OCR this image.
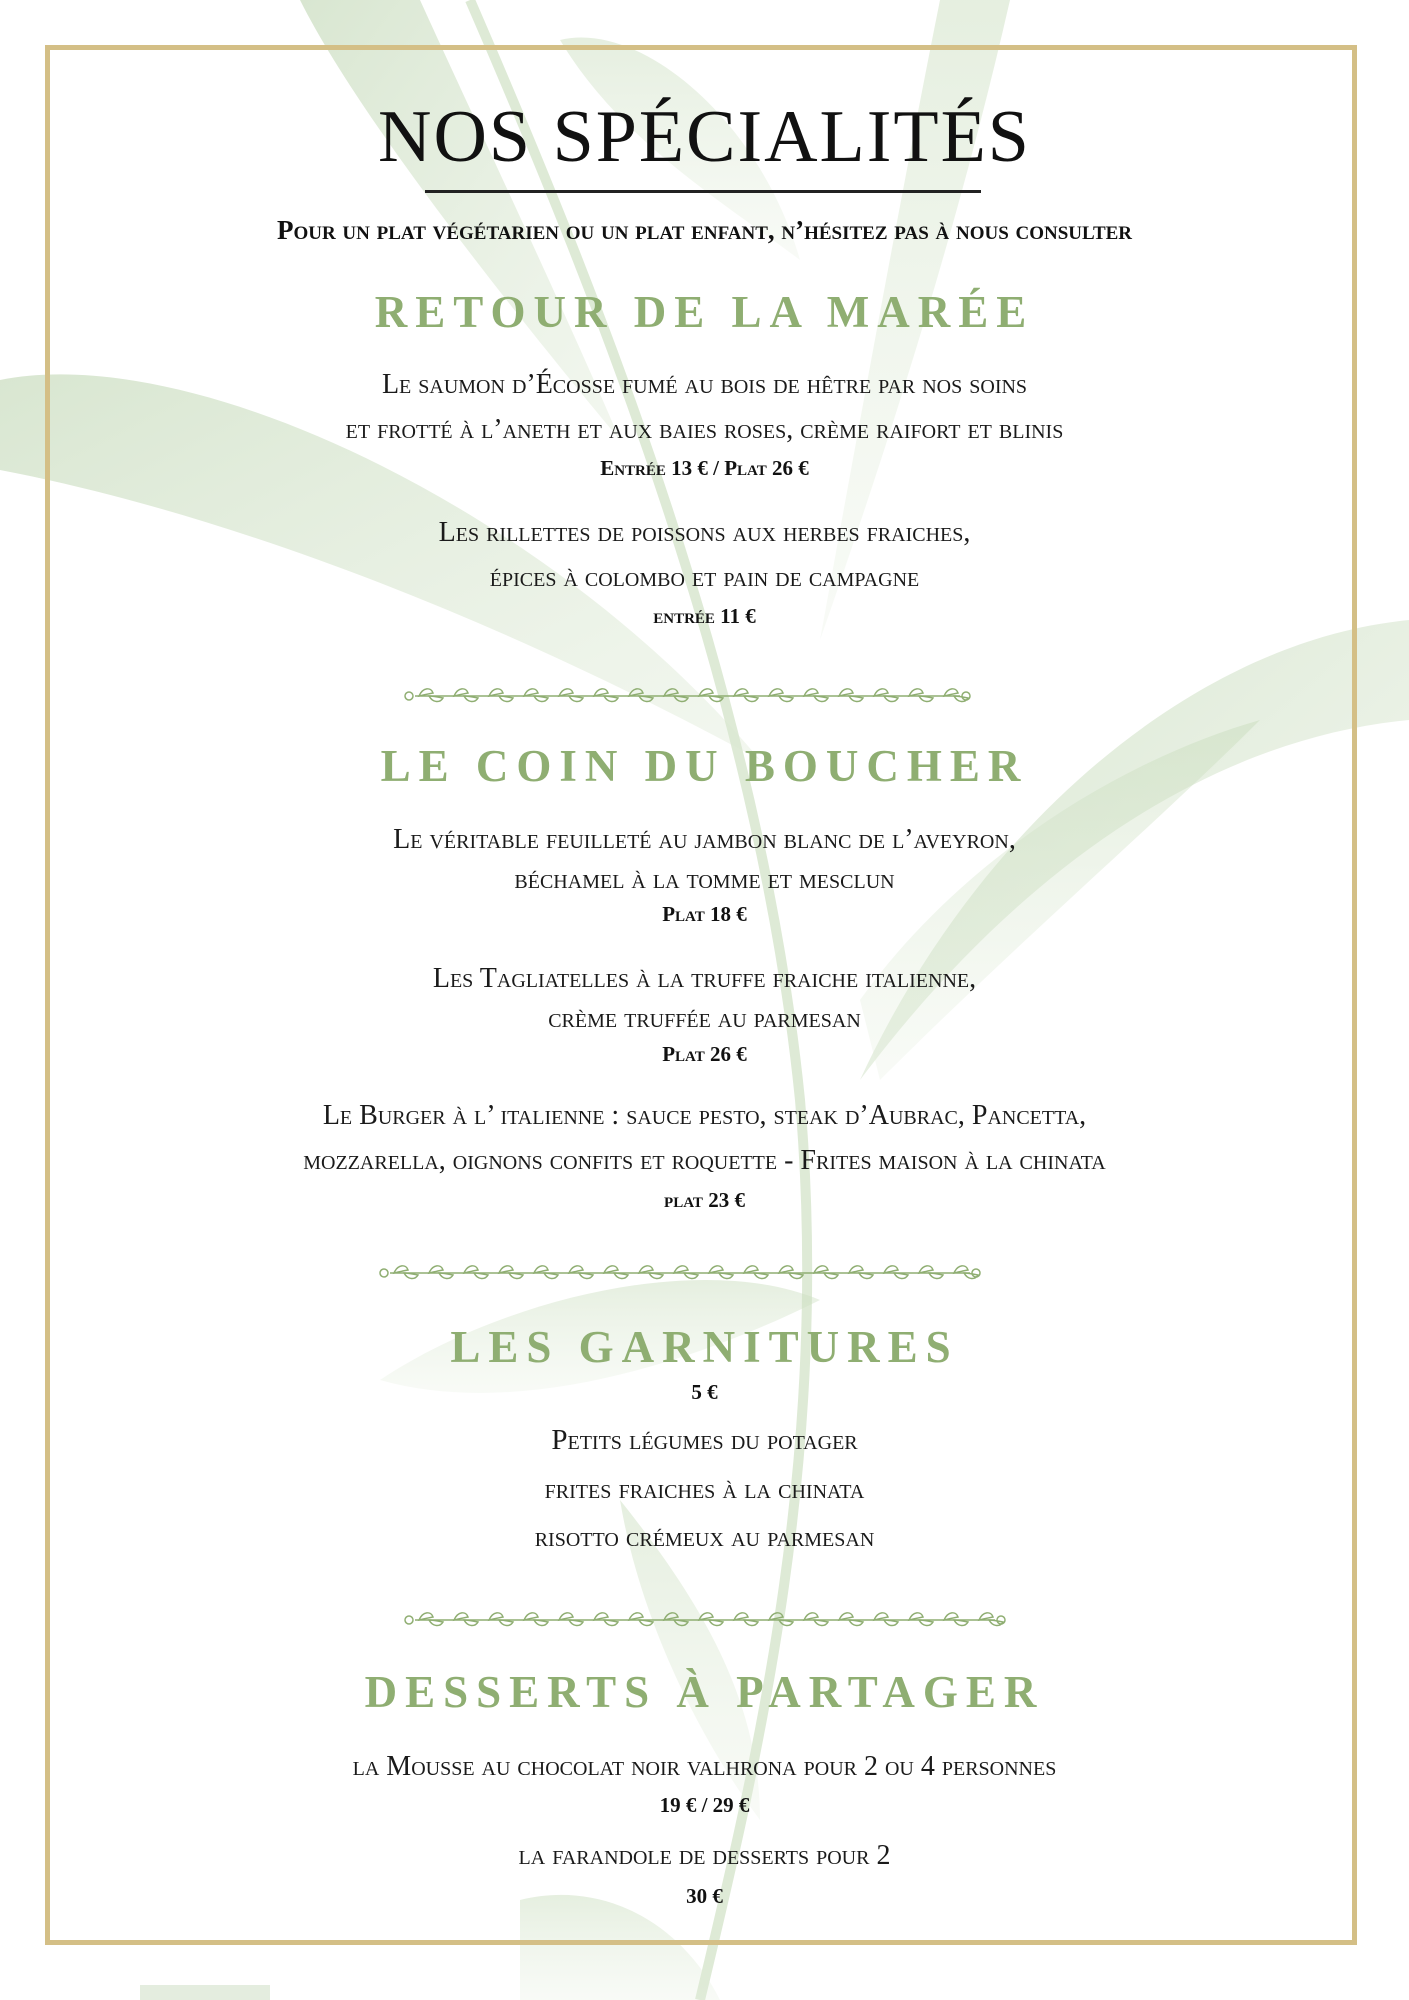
NOS SPÉCIALITÉS
Pour un plat végétarien ou un plat enfant, n’hésitez pas à nous consulter
RETOUR DE LA MARÉE
Le saumon d’Écosse fumé au bois de hêtre par nos soins
et frotté à l’aneth et aux baies roses, crème raifort et blinis
Entrée 13 € / Plat 26 €
Les rillettes de poissons aux herbes fraiches,
épices à colombo et pain de campagne
entrée 11 €
LE COIN DU BOUCHER
Le véritable feuilleté au jambon blanc de l’aveyron,
béchamel à la tomme et mesclun
Plat 18 €
Les Tagliatelles à la truffe fraiche italienne,
crème truffée au parmesan
Plat 26 €
Le Burger à l’ italienne : sauce pesto, steak d’Aubrac, Pancetta,
mozzarella, oignons confits et roquette - Frites maison à la chinata
plat 23 €
LES GARNITURES
5 €
Petits légumes du potager
frites fraiches à la chinata
risotto crémeux au parmesan
DESSERTS À PARTAGER
la Mousse au chocolat noir valhrona pour 2 ou 4 personnes
19 € / 29 €
la farandole de desserts pour 2
30 €
